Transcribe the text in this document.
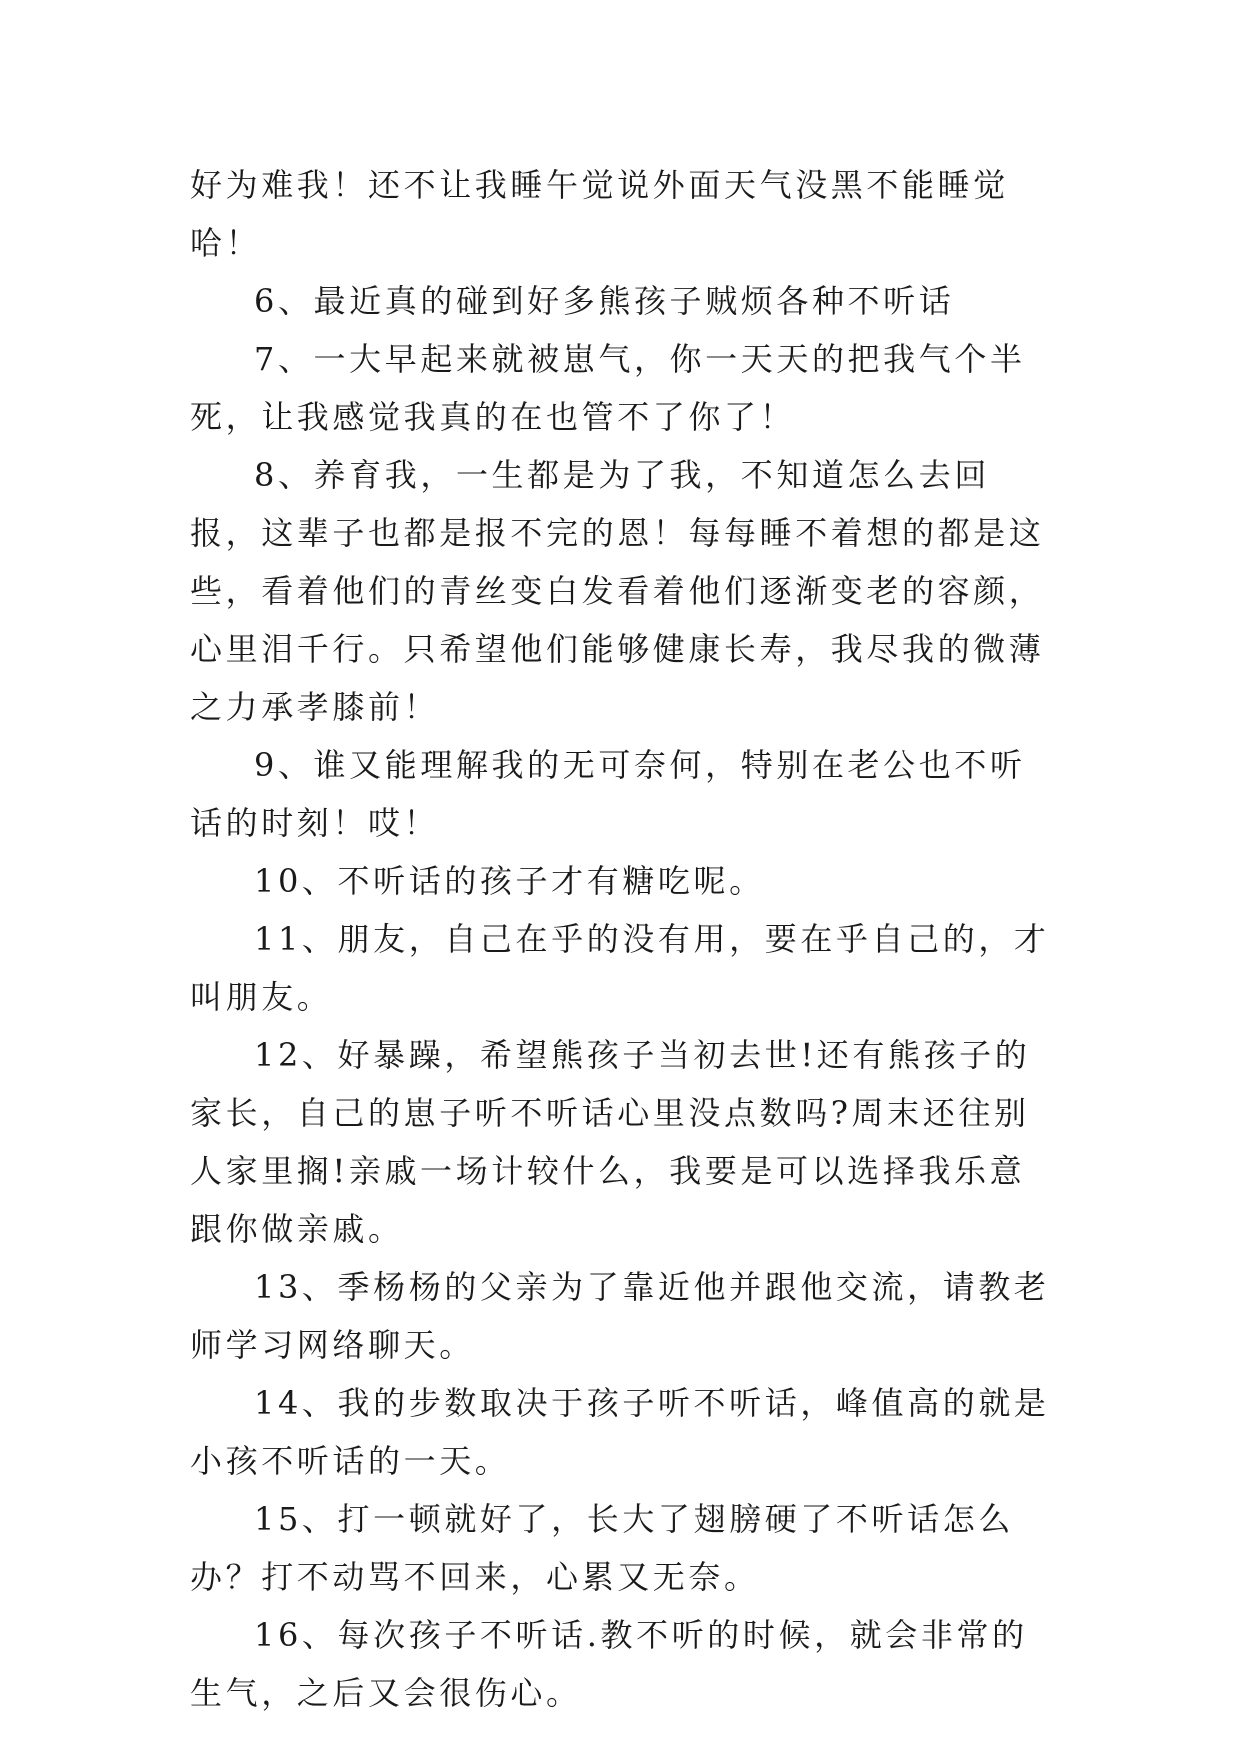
好为难我！还不让我睡午觉说外面天气没黑不能睡觉哈！

6、最近真的碰到好多熊孩子贼烦各种不听话

7、一大早起来就被崽气，你一天天的把我气个半死，让我感觉我真的在也管不了你了！

8、养育我，一生都是为了我，不知道怎么去回报，这辈子也都是报不完的恩！每每睡不着想的都是这些，看着他们的青丝变白发看着他们逐渐变老的容颜，心里泪千行。只希望他们能够健康长寿，我尽我的微薄之力承孝膝前！

9、谁又能理解我的无可奈何，特别在老公也不听话的时刻！哎！

10、不听话的孩子才有糖吃呢。

11、朋友，自己在乎的没有用，要在乎自己的，才叫朋友。

12、好暴躁，希望熊孩子当初去世!还有熊孩子的家长，自己的崽子听不听话心里没点数吗?周末还往别人家里搁!亲戚一场计较什么，我要是可以选择我乐意跟你做亲戚。

13、季杨杨的父亲为了靠近他并跟他交流，请教老师学习网络聊天。

14、我的步数取决于孩子听不听话，峰值高的就是小孩不听话的一天。

15、打一顿就好了，长大了翅膀硬了不听话怎么办？打不动骂不回来，心累又无奈。

16、每次孩子不听话.教不听的时候，就会非常的生气，之后又会很伤心。
